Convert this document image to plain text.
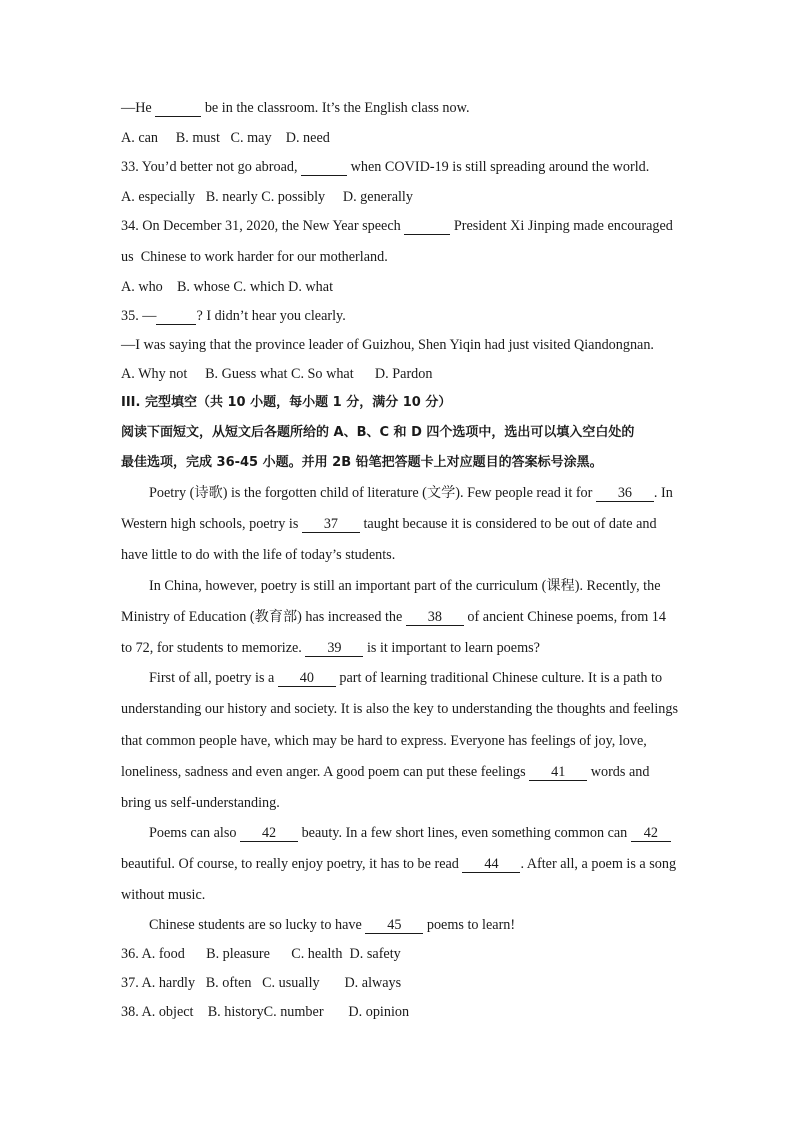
—He	be in the classroom. It’s the English class now.
A. can     B. must   C. may    D. need
33. You’d better not go abroad,	when COVID-19 is still spreading around the world.
A. especially   B. nearly C. possibly     D. generally
34. On December 31, 2020, the New Year speech	President Xi Jinping made encouraged
us  Chinese to work harder for our motherland.
A. who    B. whose C. which D. what
35. —	? I didn’t hear you clearly.
—I was saying that the province leader of Guizhou, Shen Yiqin had just visited Qiandongnan.
A. Why not     B. Guess what C. So what      D. Pardon
III. 完型填空（共 10 小题，每小题 1 分，满分 10 分）
阅读下面短文，从短文后各题所给的 A、B、C 和 D 四个选项中，选出可以填入空白处的
最佳选项，完成 36-45 小题。并用 2B 铅笔把答题卡上对应题目的答案标号涂黑。
Poetry (诗歌) is the forgotten child of literature (文学). Few people read it for 36 . In
Western high schools, poetry is 37 taught because it is considered to be out of date and
have little to do with the life of today’s students.
In China, however, poetry is still an important part of the curriculum (课程). Recently, the
Ministry of Education (教育部) has increased the 38 of ancient Chinese poems, from 14
to 72, for students to memorize. 39 is it important to learn poems?
First of all, poetry is a 40 part of learning traditional Chinese culture. It is a path to
understanding our history and society. It is also the key to understanding the thoughts and feelings
that common people have, which may be hard to express. Everyone has feelings of joy, love,
loneliness, sadness and even anger. A good poem can put these feelings 41 words and
bring us self-understanding.
Poems can also 42 beauty. In a few short lines, even something common can 42
beautiful. Of course, to really enjoy poetry, it has to be read 44 . After all, a poem is a song
without music.
Chinese students are so lucky to have 45 poems to learn!
36. A. food      B. pleasure      C. health  D. safety
37. A. hardly   B. often   C. usually       D. always
38. A. object    B. historyC. number       D. opinion
